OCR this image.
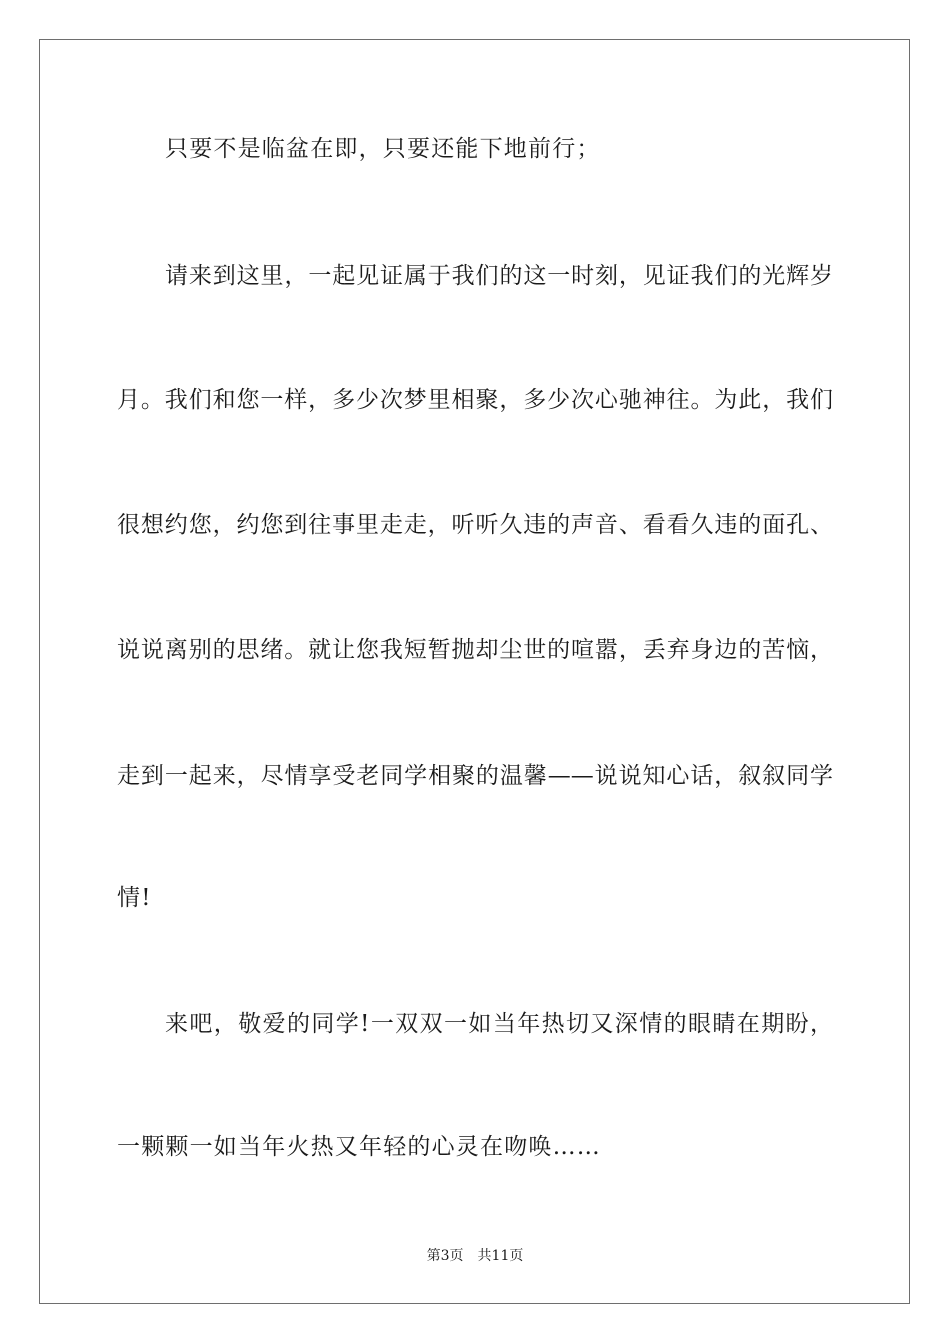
只要不是临盆在即，只要还能下地前行；

请来到这里，一起见证属于我们的这一时刻，见证我们的光辉岁

月。我们和您一样，多少次梦里相聚，多少次心驰神往。为此，我们

很想约您，约您到往事里走走，听听久违的声音、看看久违的面孔、

说说离别的思绪。就让您我短暂抛却尘世的喧嚣，丢弃身边的苦恼，

走到一起来，尽情享受老同学相聚的温馨——说说知心话，叙叙同学

情!

来吧，敬爱的同学!一双双一如当年热切又深情的眼睛在期盼，

一颗颗一如当年火热又年轻的心灵在吻唤……

第3页　共11页
